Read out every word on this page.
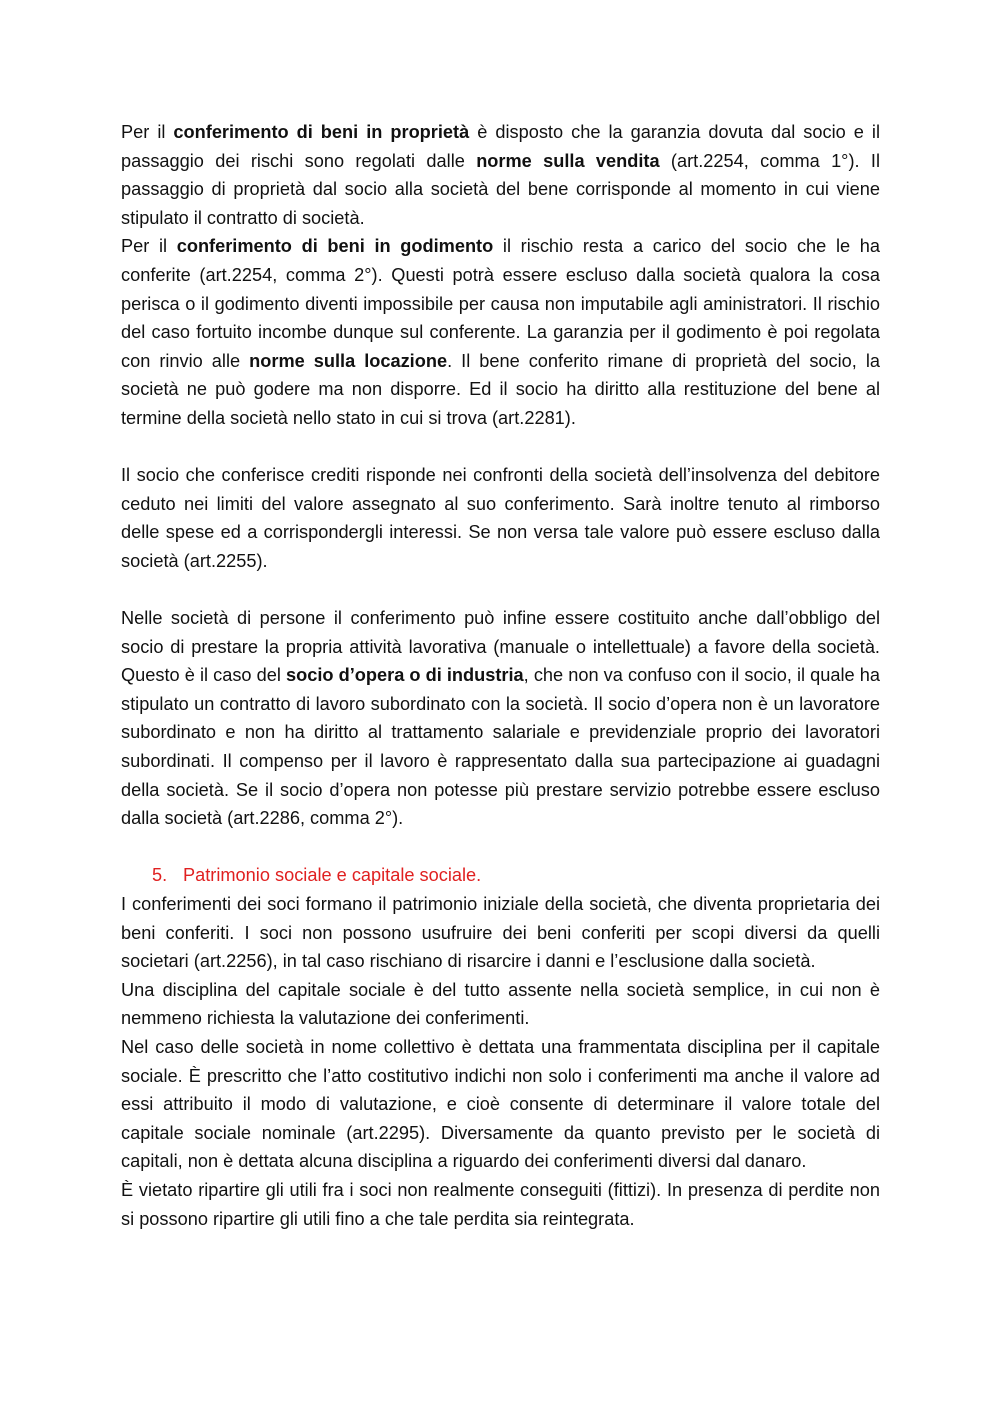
Per il conferimento di beni in proprietà è disposto che la garanzia dovuta dal socio e il passaggio dei rischi sono regolati dalle norme sulla vendita (art.2254, comma 1°). Il passaggio di proprietà dal socio alla società del bene corrisponde al momento in cui viene stipulato il contratto di società.

Per il conferimento di beni in godimento il rischio resta a carico del socio che le ha conferite (art.2254, comma 2°). Questi potrà essere escluso dalla società qualora la cosa perisca o il godimento diventi impossibile per causa non imputabile agli aministratori. Il rischio del caso fortuito incombe dunque sul conferente. La garanzia per il godimento è poi regolata con rinvio alle norme sulla locazione. Il bene conferito rimane di proprietà del socio, la società ne può godere ma non disporre. Ed il socio ha diritto alla restituzione del bene al termine della società nello stato in cui si trova (art.2281).

Il socio che conferisce crediti risponde nei confronti della società dell’insolvenza del debitore ceduto nei limiti del valore assegnato al suo conferimento. Sarà inoltre tenuto al rimborso delle spese ed a corrispondergli interessi. Se non versa tale valore può essere escluso dalla società (art.2255).

Nelle società di persone il conferimento può infine essere costituito anche dall’obbligo del socio di prestare la propria attività lavorativa (manuale o intellettuale) a favore della società. Questo è il caso del socio d’opera o di industria, che non va confuso con il socio, il quale ha stipulato un contratto di lavoro subordinato con la società. Il socio d’opera non è un lavoratore subordinato e non ha diritto al trattamento salariale e previdenziale proprio dei lavoratori subordinati. Il compenso per il lavoro è rappresentato dalla sua partecipazione ai guadagni della società. Se il socio d’opera non potesse più prestare servizio potrebbe essere escluso dalla società (art.2286, comma 2°).

5. Patrimonio sociale e capitale sociale.

I conferimenti dei soci formano il patrimonio iniziale della società, che diventa proprietaria dei beni conferiti. I soci non possono usufruire dei beni conferiti per scopi diversi da quelli societari (art.2256), in tal caso rischiano di risarcire i danni e l’esclusione dalla società.

Una disciplina del capitale sociale è del tutto assente nella società semplice, in cui non è nemmeno richiesta la valutazione dei conferimenti.

Nel caso delle società in nome collettivo è dettata una frammentata disciplina per il capitale sociale. È prescritto che l’atto costitutivo indichi non solo i conferimenti ma anche il valore ad essi attribuito il modo di valutazione, e cioè consente di determinare il valore totale del capitale sociale nominale (art.2295). Diversamente da quanto previsto per le società di capitali, non è dettata alcuna disciplina a riguardo dei conferimenti diversi dal danaro.

È vietato ripartire gli utili fra i soci non realmente conseguiti (fittizi). In presenza di perdite non si possono ripartire gli utili fino a che tale perdita sia reintegrata.
